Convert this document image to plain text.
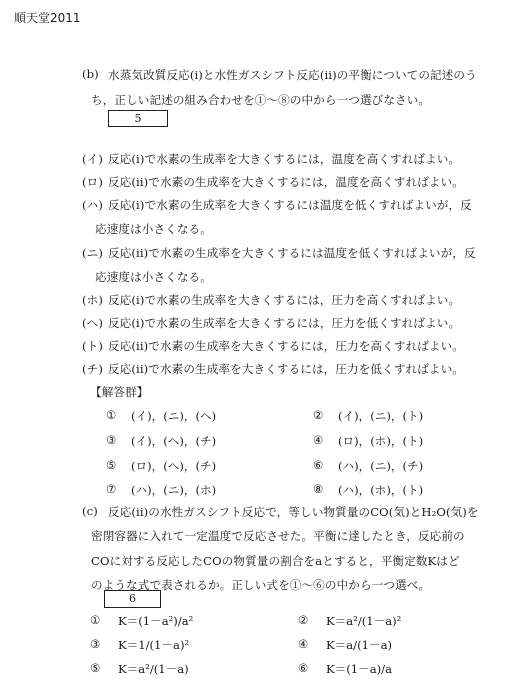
順天堂2011
(b) 水蒸気改質反応(i)と水性ガスシフト反応(ii)の平衡についての記述のう
ち，正しい記述の組み合わせを①〜⑧の中から一つ選びなさい。
5
(イ) 反応(i)で水素の生成率を大きくするには，温度を高くすればよい。
(ロ) 反応(ii)で水素の生成率を大きくするには，温度を高くすればよい。
(ハ) 反応(i)で水素の生成率を大きくするには温度を低くすればよいが，反
応速度は小さくなる。
(ニ) 反応(ii)で水素の生成率を大きくするには温度を低くすればよいが，反
応速度は小さくなる。
(ホ) 反応(i)で水素の生成率を大きくするには，圧力を高くすればよい。
(ヘ) 反応(i)で水素の生成率を大きくするには，圧力を低くすればよい。
(ト) 反応(ii)で水素の生成率を大きくするには，圧力を高くすればよい。
(チ) 反応(ii)で水素の生成率を大きくするには，圧力を低くすればよい。
【解答群】
① (イ)，(ニ)，(ヘ)	② (イ)，(ニ)，(ト)
③ (イ)，(ヘ)，(チ)	④ (ロ)，(ホ)，(ト)
⑤ (ロ)，(ヘ)，(チ)	⑥ (ハ)，(ニ)，(チ)
⑦ (ハ)，(ニ)，(ホ)	⑧ (ハ)，(ホ)，(ト)
(c) 反応(ii)の水性ガスシフト反応で，等しい物質量のCO(気)とH₂O(気)を
密閉容器に入れて一定温度で反応させた。平衡に達したとき，反応前の
COに対する反応したCOの物質量の割合をaとすると，平衡定数Kはど
のような式で表されるか。正しい式を①〜⑥の中から一つ選べ。
6
① K＝(1－a²)/a²	② K＝a²/(1－a)²
③ K＝1/(1－a)²	④ K＝a/(1－a)
⑤ K＝a²/(1－a)	⑥ K＝(1－a)/a
